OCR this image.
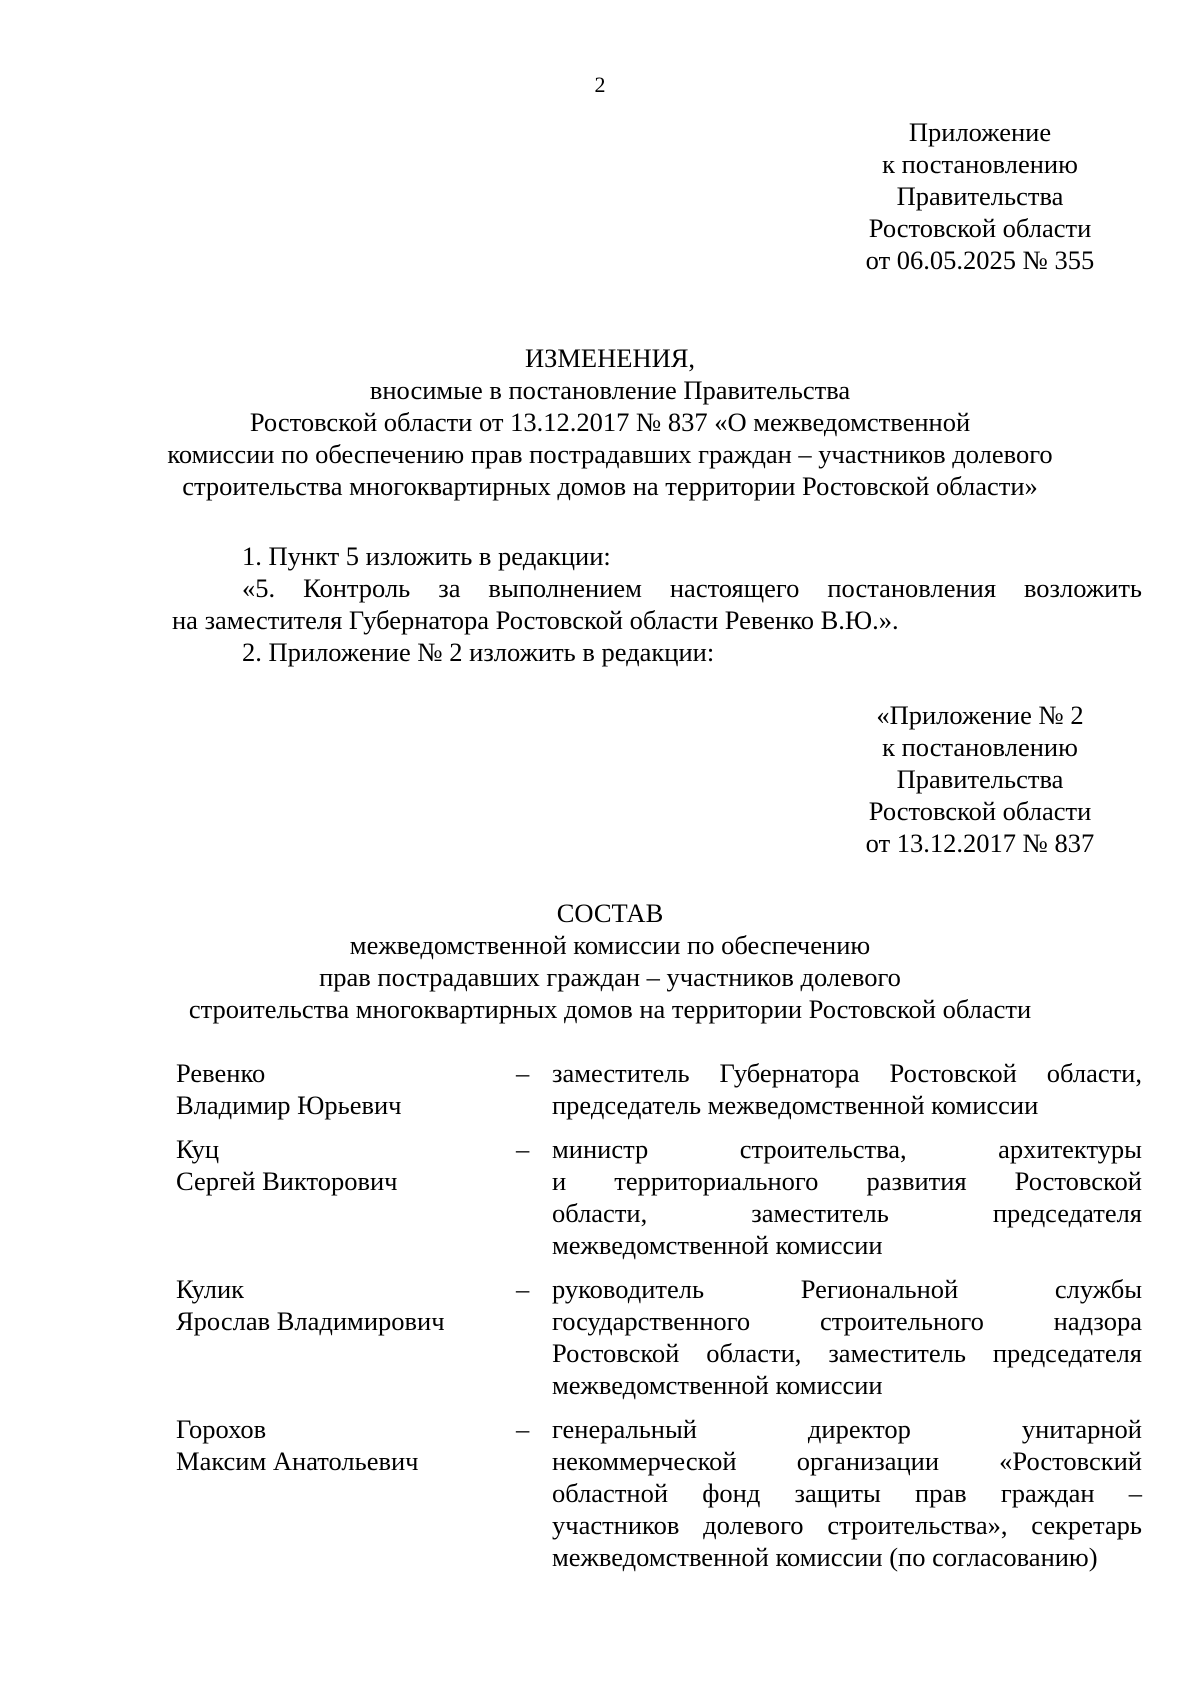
2
Приложение
к постановлению
Правительства
Ростовской области
от 06.05.2025 № 355
ИЗМЕНЕНИЯ,
вносимые в постановление Правительства
Ростовской области от 13.12.2017 № 837 «О межведомственной
комиссии по обеспечению прав пострадавших граждан – участников долевого
строительства многоквартирных домов на территории Ростовской области»
1. Пункт 5 изложить в редакции:
«5. Контроль за выполнением настоящего постановления возложить
на заместителя Губернатора Ростовской области Ревенко В.Ю.».
2. Приложение № 2 изложить в редакции:
«Приложение № 2
к постановлению
Правительства
Ростовской области
от 13.12.2017 № 837
СОСТАВ
межведомственной комиссии по обеспечению
прав пострадавших граждан – участников долевого
строительства многоквартирных домов на территории Ростовской области
Ревенко
Владимир Юрьевич
– заместитель Губернатора Ростовской области,
председатель межведомственной комиссии
Куц
Сергей Викторович
– министр строительства, архитектуры
и территориального развития Ростовской
области, заместитель председателя
межведомственной комиссии
Кулик
Ярослав Владимирович
– руководитель Региональной службы
государственного строительного надзора
Ростовской области, заместитель председателя
межведомственной комиссии
Горохов
Максим Анатольевич
– генеральный директор унитарной
некоммерческой организации «Ростовский
областной фонд защиты прав граждан –
участников долевого строительства», секретарь
межведомственной комиссии (по согласованию)
